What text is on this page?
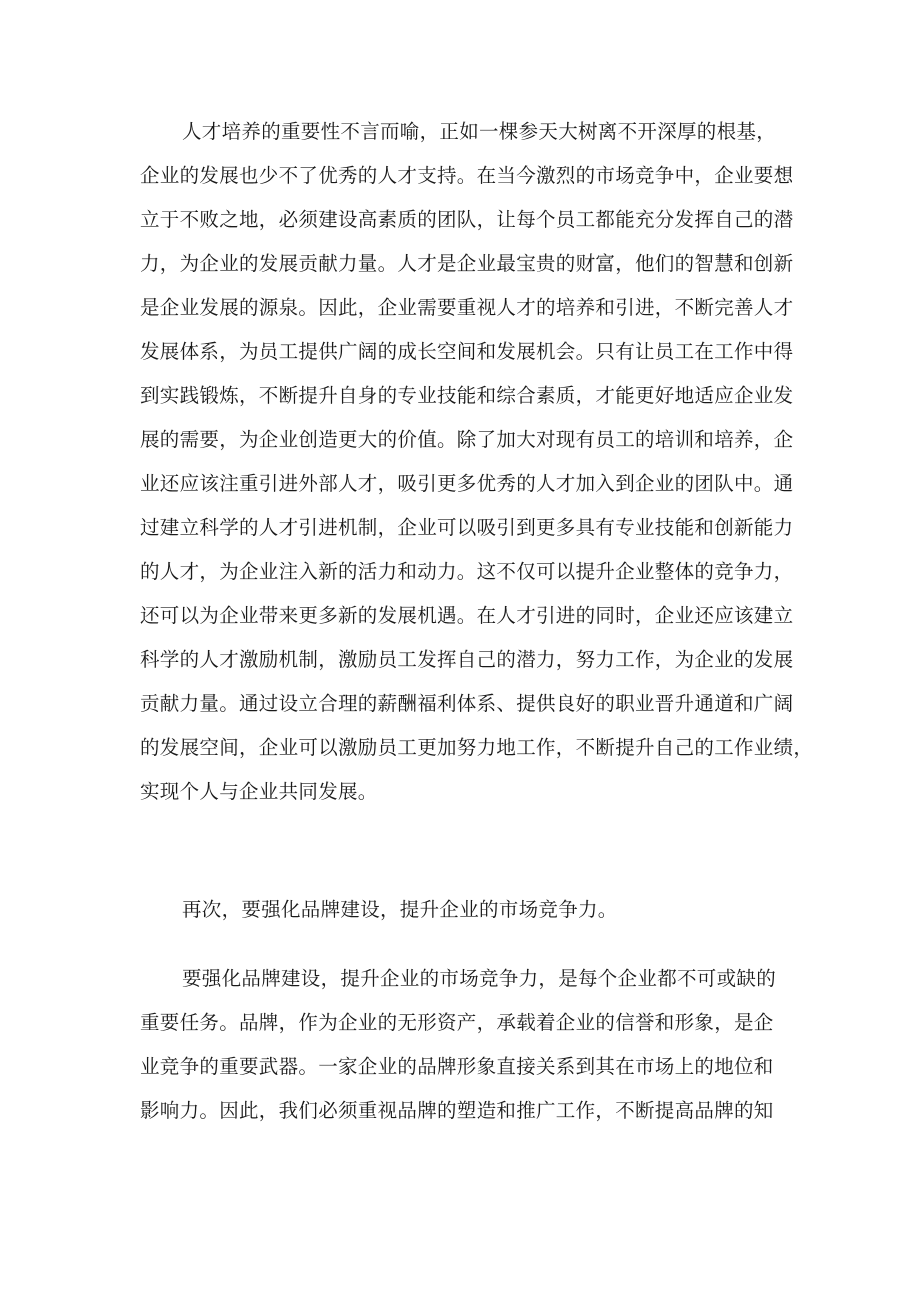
人才培养的重要性不言而喻，正如一棵参天大树离不开深厚的根基，
企业的发展也少不了优秀的人才支持。在当今激烈的市场竞争中，企业要想
立于不败之地，必须建设高素质的团队，让每个员工都能充分发挥自己的潜
力，为企业的发展贡献力量。人才是企业最宝贵的财富，他们的智慧和创新
是企业发展的源泉。因此，企业需要重视人才的培养和引进，不断完善人才
发展体系，为员工提供广阔的成长空间和发展机会。只有让员工在工作中得
到实践锻炼，不断提升自身的专业技能和综合素质，才能更好地适应企业发
展的需要，为企业创造更大的价值。除了加大对现有员工的培训和培养，企
业还应该注重引进外部人才，吸引更多优秀的人才加入到企业的团队中。通
过建立科学的人才引进机制，企业可以吸引到更多具有专业技能和创新能力
的人才，为企业注入新的活力和动力。这不仅可以提升企业整体的竞争力，
还可以为企业带来更多新的发展机遇。在人才引进的同时，企业还应该建立
科学的人才激励机制，激励员工发挥自己的潜力，努力工作，为企业的发展
贡献力量。通过设立合理的薪酬福利体系、提供良好的职业晋升通道和广阔
的发展空间，企业可以激励员工更加努力地工作，不断提升自己的工作业绩，
实现个人与企业共同发展。
再次，要强化品牌建设，提升企业的市场竞争力。
要强化品牌建设，提升企业的市场竞争力，是每个企业都不可或缺的
重要任务。品牌，作为企业的无形资产，承载着企业的信誉和形象，是企
业竞争的重要武器。一家企业的品牌形象直接关系到其在市场上的地位和
影响力。因此，我们必须重视品牌的塑造和推广工作，不断提高品牌的知
